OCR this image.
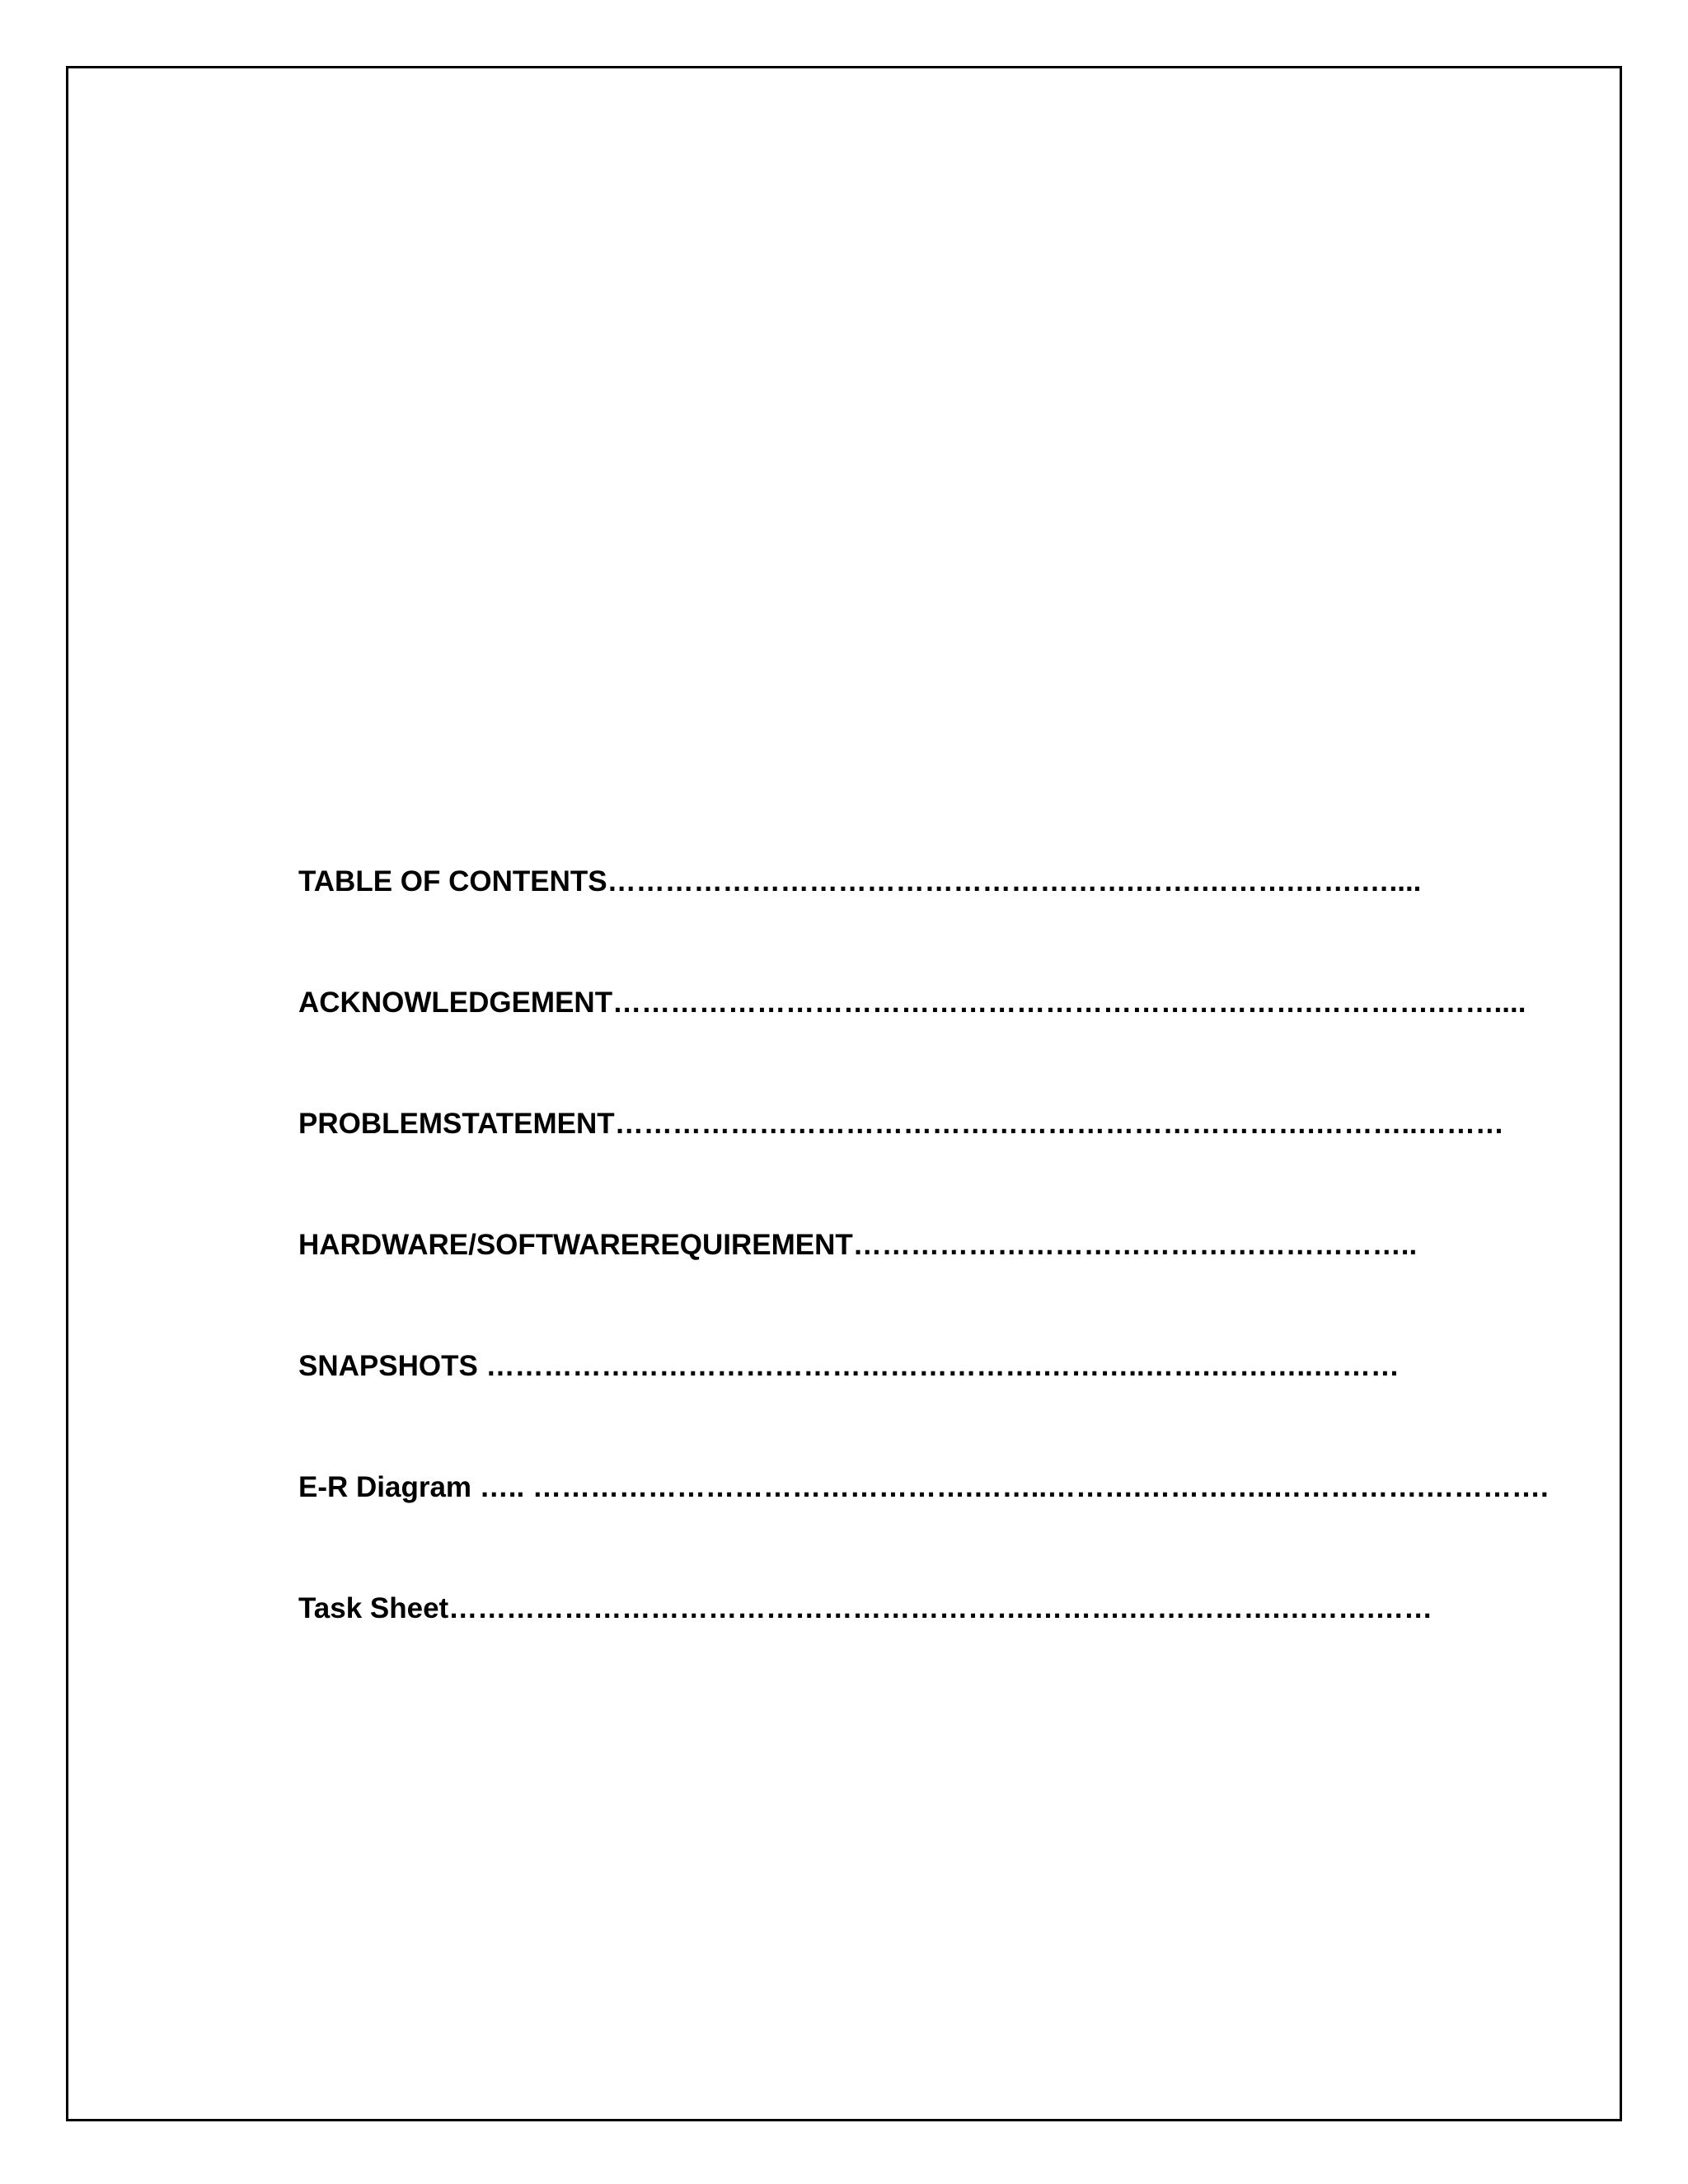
TABLE OF CONTENTS……………………………………………….…….……….…….…....
ACKNOWLEDGEMENT……………………………………………………………….………….……....
PROBLEMSTATEMENT……………………………………………………………….………..………
HARDWARE/SOFTWAREREQUIREMENT…………………………………………………..
SNAPSHOTS ………………………………………………….………..…….………..………
E-R Diagram ….. ……………………………………….……..……….…………..…………….………….
Task Sheet…………………………………………………….……….…………….……….……
